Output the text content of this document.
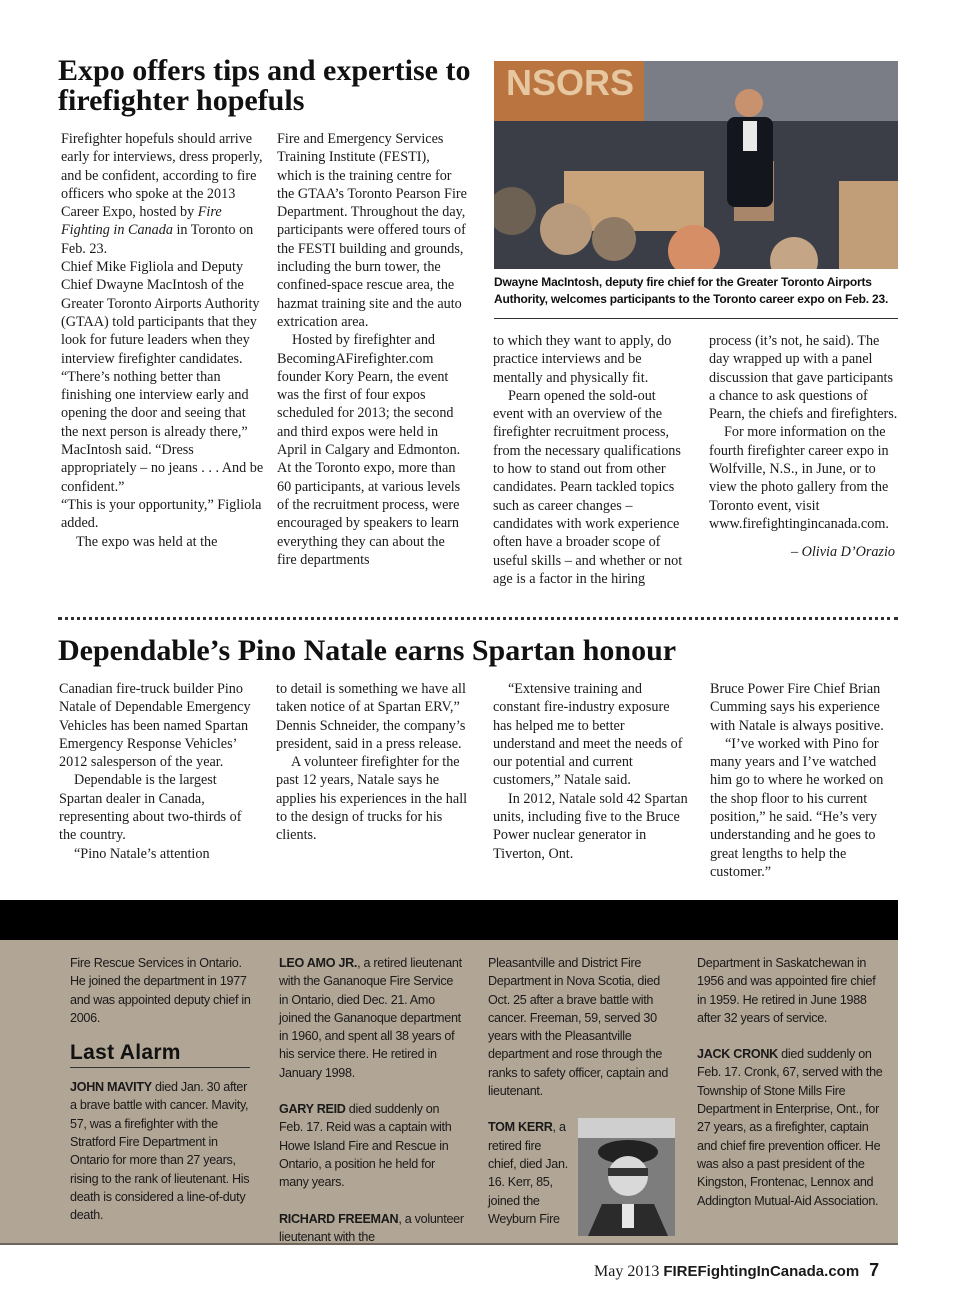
Expo offers tips and expertise to firefighter hopefuls

Firefighter hopefuls should arrive early for interviews, dress properly, and be confident, according to fire officers who spoke at the 2013 Career Expo, hosted by Fire Fighting in Canada in Toronto on Feb. 23.

Chief Mike Figliola and Deputy Chief Dwayne MacIntosh of the Greater Toronto Airports Authority (GTAA) told participants that they look for future leaders when they interview firefighter candidates.

“There’s nothing better than finishing one interview early and opening the door and seeing that the next person is already there,” MacIntosh said. “Dress appropriately – no jeans . . . And be confident.”

“This is your opportunity,” Figliola added.

The expo was held at the

Fire and Emergency Services Training Institute (FESTI), which is the training centre for the GTAA’s Toronto Pearson Fire Department. Throughout the day, participants were offered tours of the FESTI building and grounds, including the burn tower, the confined-space rescue area, the hazmat training site and the auto extrication area.

Hosted by firefighter and BecomingAFirefighter.com founder Kory Pearn, the event was the first of four expos scheduled for 2013; the second and third expos were held in April in Calgary and Edmonton. At the Toronto expo, more than 60 participants, at various levels of the recruitment process, were encouraged by speakers to learn everything they can about the fire departments

NSORS
Dwayne MacIntosh, deputy fire chief for the Greater Toronto Airports Authority, welcomes participants to the Toronto career expo on Feb. 23.

to which they want to apply, do practice interviews and be mentally and physically fit.

Pearn opened the sold-out event with an overview of the firefighter recruitment process, from the necessary qualifications to how to stand out from other candidates. Pearn tackled topics such as career changes – candidates with work experience often have a broader scope of useful skills – and whether or not age is a factor in the hiring

process (it’s not, he said). The day wrapped up with a panel discussion that gave participants a chance to ask questions of Pearn, the chiefs and firefighters.

For more information on the fourth firefighter career expo in Wolfville, N.S., in June, or to view the photo gallery from the Toronto event, visit www.firefightingincanada.com.

– Olivia D’Orazio

Dependable’s Pino Natale earns Spartan honour

Canadian fire-truck builder Pino Natale of Dependable Emergency Vehicles has been named Spartan Emergency Response Vehicles’ 2012 salesperson of the year.

Dependable is the largest Spartan dealer in Canada, representing about two-thirds of the country.

“Pino Natale’s attention

to detail is something we have all taken notice of at Spartan ERV,” Dennis Schneider, the company’s president, said in a press release.

A volunteer firefighter for the past 12 years, Natale says he applies his experiences in the hall to the design of trucks for his clients.

“Extensive training and constant fire-industry exposure has helped me to better understand and meet the needs of our potential and current customers,” Natale said.

In 2012, Natale sold 42 Spartan units, including five to the Bruce Power nuclear generator in Tiverton, Ont.

Bruce Power Fire Chief Brian Cumming says his experience with Natale is always positive.

“I’ve worked with Pino for many years and I’ve watched him go to where he worked on the shop floor to his current position,” he said. “He’s very understanding and he goes to great lengths to help the customer.”

Fire Rescue Services in Ontario. He joined the department in 1977 and was appointed deputy chief in 2006.

Last Alarm

JOHN MAVITY died Jan. 30 after a brave battle with cancer. Mavity, 57, was a firefighter with the Stratford Fire Department in Ontario for more than 27 years, rising to the rank of lieutenant. His death is considered a line-of-duty death.

LEO AMO JR., a retired lieutenant with the Gananoque Fire Service in Ontario, died Dec. 21. Amo joined the Gananoque department in 1960, and spent all 38 years of his service there. He retired in January 1998.

GARY REID died suddenly on Feb. 17. Reid was a captain with Howe Island Fire and Rescue in Ontario, a position he held for many years.

RICHARD FREEMAN, a volunteer lieutenant with the

Pleasantville and District Fire Department in Nova Scotia, died Oct. 25 after a brave battle with cancer. Freeman, 59, served 30 years with the Pleasantville department and rose through the ranks to safety officer, captain and lieutenant.

TOM KERR, a retired fire chief, died Jan. 16. Kerr, 85, joined the Weyburn Fire

Department in Saskatchewan in 1956 and was appointed fire chief in 1959. He retired in June 1988 after 32 years of service.

JACK CRONK died suddenly on Feb. 17. Cronk, 67, served with the Township of Stone Mills Fire Department in Enterprise, Ont., for 27 years, as a firefighter, captain and chief fire prevention officer. He was also a past president of the Kingston, Frontenac, Lennox and Addington Mutual-Aid Association.

May 2013 FIREFightingInCanada.com 7
